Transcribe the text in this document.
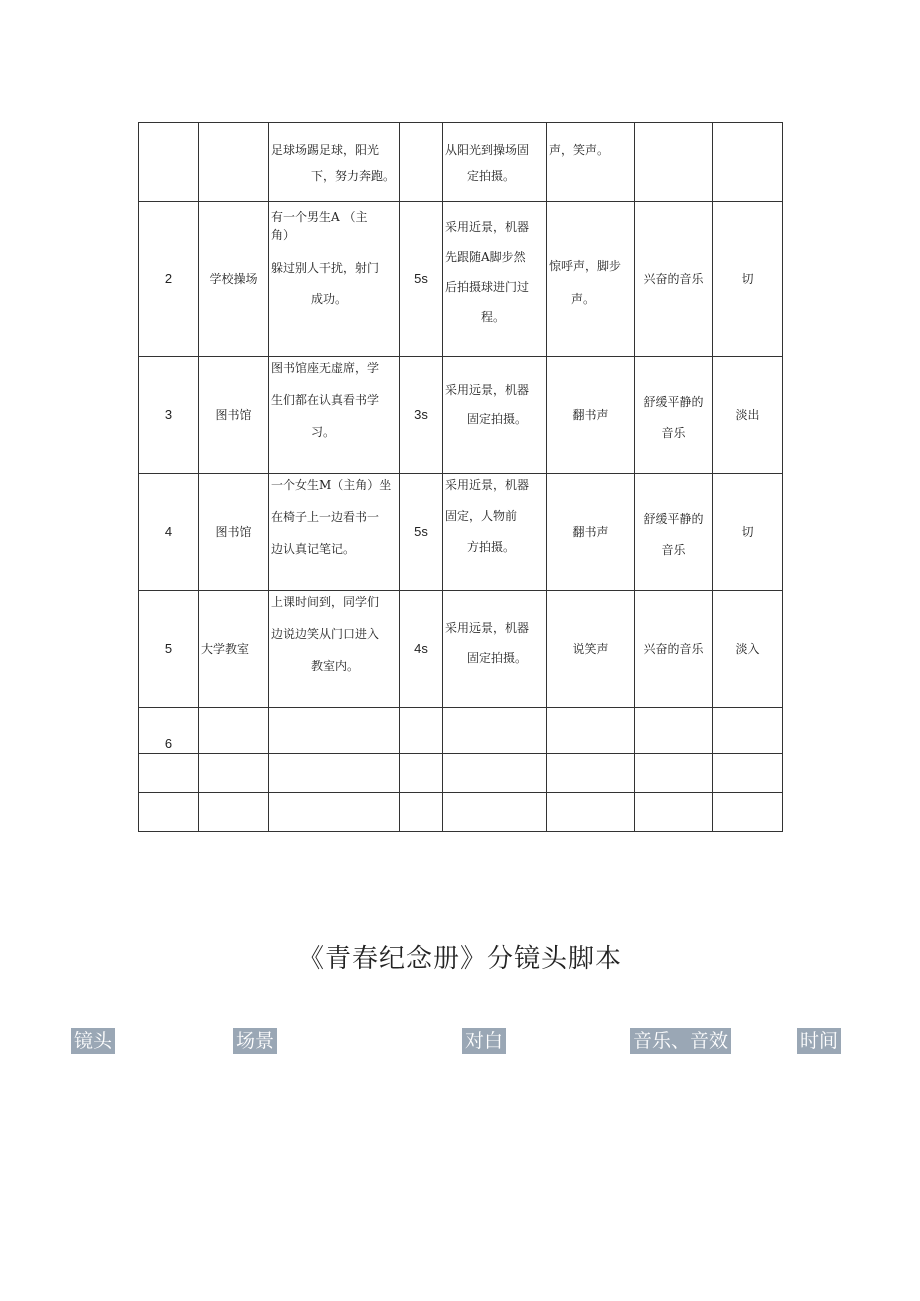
		足球场踢足球，阳光
下，努力奔跑。		从阳光到操场固
定拍摄。	声，笑声。		

2	学校操场	有一个男生A （主
角）
躲过别人干扰，射门
成功。	5s	采用近景，机器
先跟随A脚步然
后拍摄球进门过
程。	惊呼声，脚步
声。	兴奋的音乐	切
3	图书馆	图书馆座无虚席，学
生们都在认真看书学
习。	3s	采用远景，机器
固定拍摄。	翻书声	舒缓平静的
音乐	淡出
4	图书馆	一个女生M（主角）坐
在椅子上一边看书一
边认真记笔记。	5s	采用近景，机器
固定，人物前
方拍摄。	翻书声	舒缓平静的
音乐	切
5	大学教室	上课时间到，同学们
边说边笑从门口进入
教室内。	4s	采用远景，机器
固定拍摄。	说笑声	兴奋的音乐	淡入
6							

《青春纪念册》分镜头脚本
镜头	场景	对白	音乐、音效	时间
